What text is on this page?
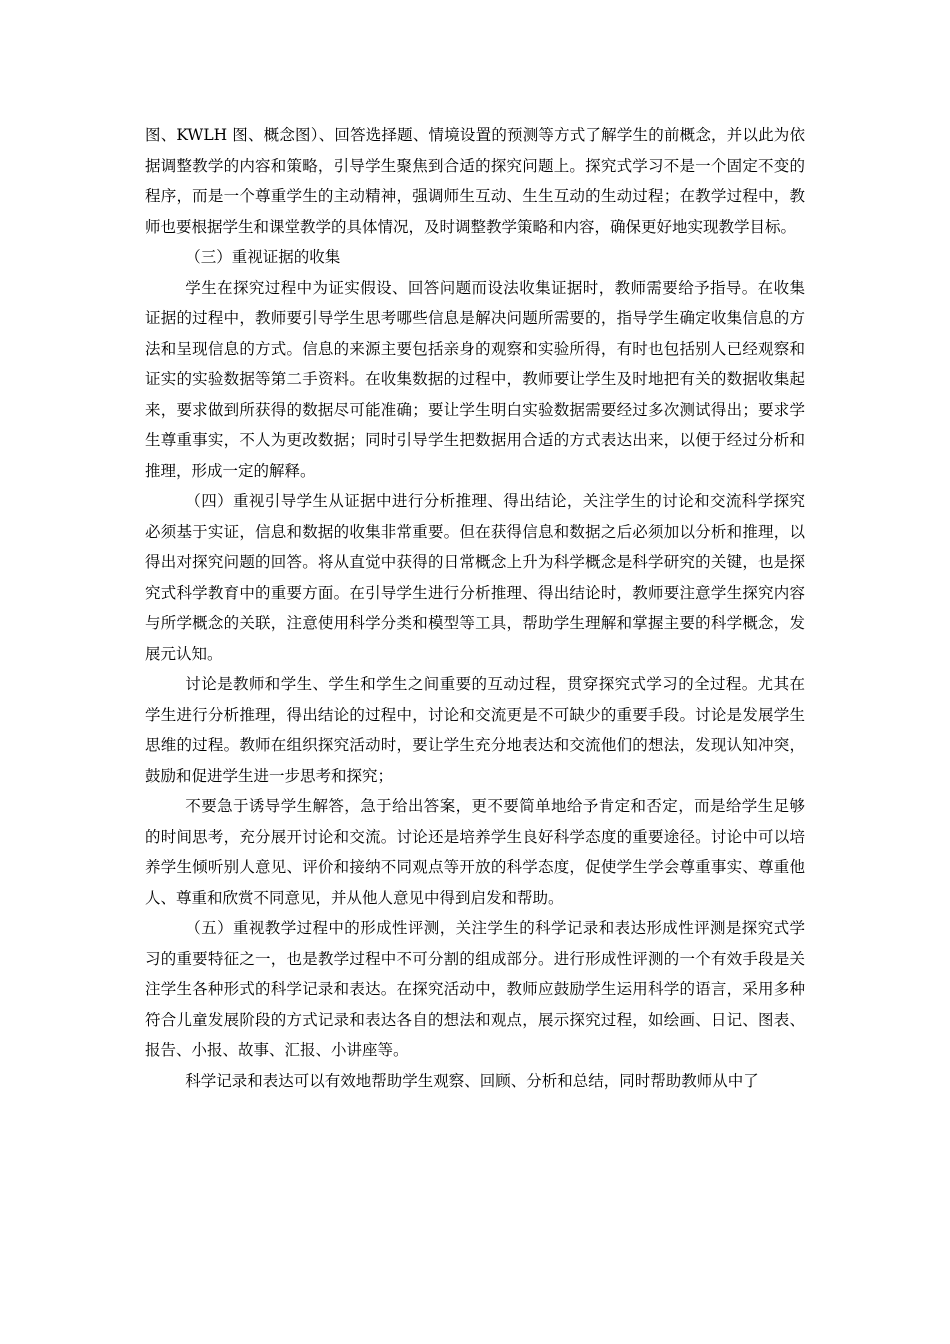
图、KWLH 图、概念图）、回答选择题、情境设置的预测等方式了解学生的前概念，并以此为依据调整教学的内容和策略，引导学生聚焦到合适的探究问题上。探究式学习不是一个固定不变的程序，而是一个尊重学生的主动精神，强调师生互动、生生互动的生动过程；在教学过程中，教师也要根据学生和课堂教学的具体情况，及时调整教学策略和内容，确保更好地实现教学目标。

（三）重视证据的收集

学生在探究过程中为证实假设、回答问题而设法收集证据时，教师需要给予指导。在收集证据的过程中，教师要引导学生思考哪些信息是解决问题所需要的，指导学生确定收集信息的方法和呈现信息的方式。信息的来源主要包括亲身的观察和实验所得，有时也包括别人已经观察和证实的实验数据等第二手资料。在收集数据的过程中，教师要让学生及时地把有关的数据收集起来，要求做到所获得的数据尽可能准确；要让学生明白实验数据需要经过多次测试得出；要求学生尊重事实，不人为更改数据；同时引导学生把数据用合适的方式表达出来，以便于经过分析和推理，形成一定的解释。

（四）重视引导学生从证据中进行分析推理、得出结论，关注学生的讨论和交流科学探究必须基于实证，信息和数据的收集非常重要。但在获得信息和数据之后必须加以分析和推理，以得出对探究问题的回答。将从直觉中获得的日常概念上升为科学概念是科学研究的关键，也是探究式科学教育中的重要方面。在引导学生进行分析推理、得出结论时，教师要注意学生探究内容与所学概念的关联，注意使用科学分类和模型等工具，帮助学生理解和掌握主要的科学概念，发展元认知。

讨论是教师和学生、学生和学生之间重要的互动过程，贯穿探究式学习的全过程。尤其在学生进行分析推理，得出结论的过程中，讨论和交流更是不可缺少的重要手段。讨论是发展学生思维的过程。教师在组织探究活动时，要让学生充分地表达和交流他们的想法，发现认知冲突，鼓励和促进学生进一步思考和探究；

不要急于诱导学生解答，急于给出答案，更不要简单地给予肯定和否定，而是给学生足够的时间思考，充分展开讨论和交流。讨论还是培养学生良好科学态度的重要途径。讨论中可以培养学生倾听别人意见、评价和接纳不同观点等开放的科学态度，促使学生学会尊重事实、尊重他人、尊重和欣赏不同意见，并从他人意见中得到启发和帮助。

（五）重视教学过程中的形成性评测，关注学生的科学记录和表达形成性评测是探究式学习的重要特征之一，也是教学过程中不可分割的组成部分。进行形成性评测的一个有效手段是关注学生各种形式的科学记录和表达。在探究活动中，教师应鼓励学生运用科学的语言，采用多种符合儿童发展阶段的方式记录和表达各自的想法和观点，展示探究过程，如绘画、日记、图表、报告、小报、故事、汇报、小讲座等。

科学记录和表达可以有效地帮助学生观察、回顾、分析和总结，同时帮助教师从中了
